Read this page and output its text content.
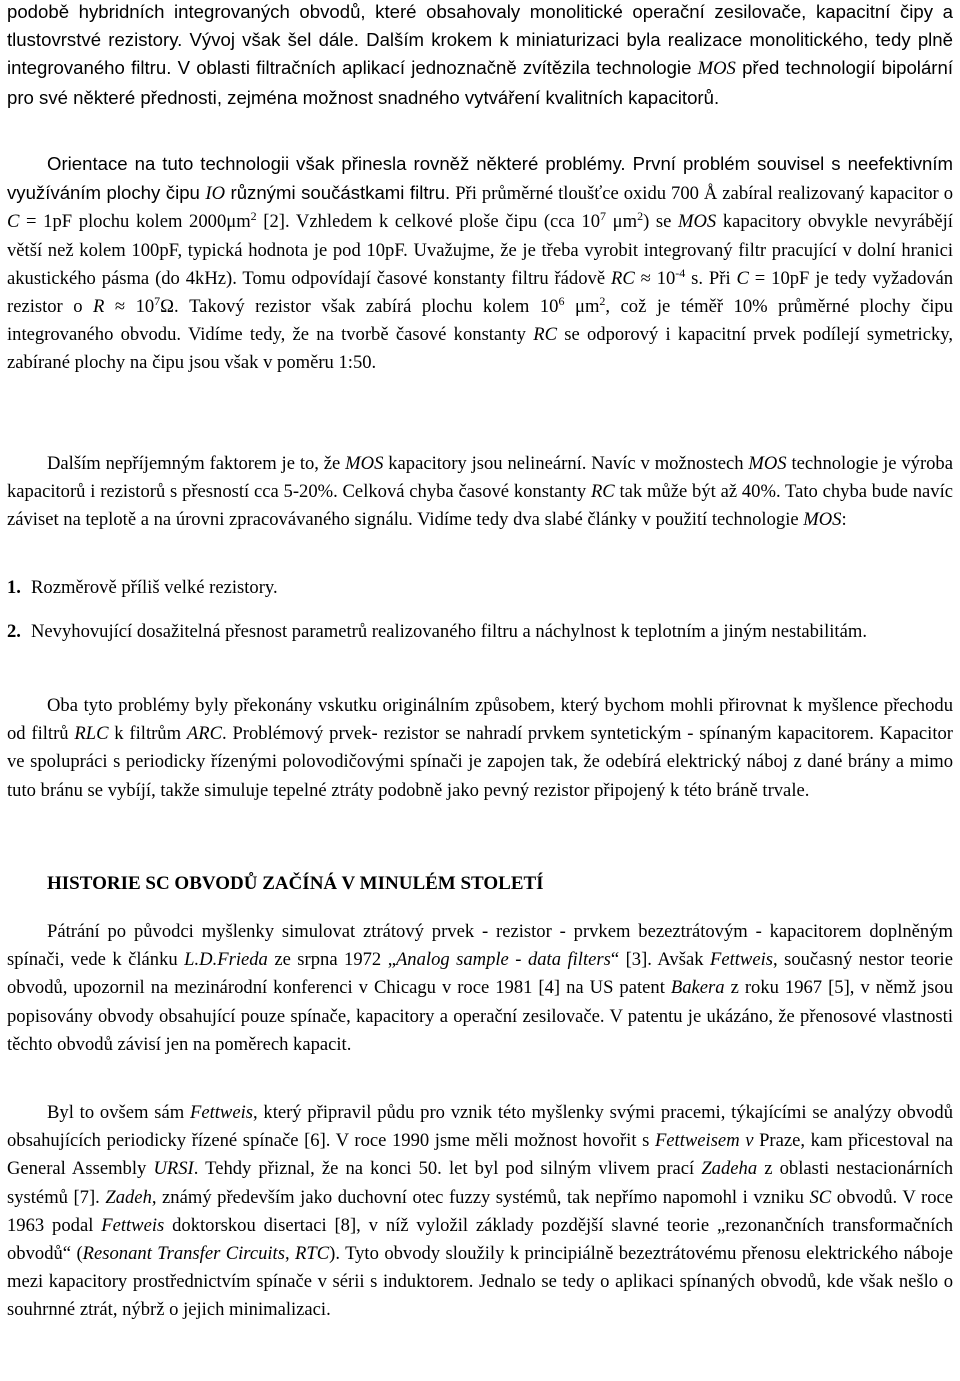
podobě hybridních integrovaných obvodů, které obsahovaly monolitické operační zesilovače, kapacitní čipy a tlustovrstvé rezistory. Vývoj však šel dále. Dalším krokem k miniaturizaci byla realizace monolitického, tedy plně integrovaného filtru. V oblasti filtračních aplikací jednoznačně zvítězila technologie MOS před technologií bipolární pro své některé přednosti, zejména možnost snadného vytváření kvalitních kapacitorů.

Orientace na tuto technologii však přinesla rovněž některé problémy. První problém souvisel s neefektivním využíváním plochy čipu IO různými součástkami filtru. Při průměrné tloušťce oxidu 700 Å zabíral realizovaný kapacitor o C = 1pF plochu kolem $2000\mu m^2$ [2]. Vzhledem k celkové ploše čipu (cca $10^7$ $\mu m^2$) se MOS kapacitory obvykle nevyrábějí větší než kolem 100pF, typická hodnota je pod 10pF. Uvažujme, že je třeba vyrobit integrovaný filtr pracující v dolní hranici akustického pásma (do 4kHz). Tomu odpovídají časové konstanty filtru řádově RC ≈ $10^{-4}$ s. Při C = 10pF je tedy vyžadován rezistor o $R \approx 10^7\Omega$. Takový rezistor však zabírá plochu kolem $10^6$ $\mu m^2$, což je téměř 10% průměrné plochy čipu integrovaného obvodu. Vidíme tedy, že na tvorbě časové konstanty RC se odporový i kapacitní prvek podílejí symetricky, zabírané plochy na čipu jsou však v poměru 1:50.

Dalším nepříjemným faktorem je to, že MOS kapacitory jsou nelineární. Navíc v možnostech MOS technologie je výroba kapacitorů i rezistorů s přesností cca 5-20%. Celková chyba časové konstanty RC tak může být až 40%. Tato chyba bude navíc záviset na teplotě a na úrovni zpracovávaného signálu. Vidíme tedy dva slabé články v použití technologie MOS:

1. Rozměrově příliš velké rezistory.

2. Nevyhovující dosažitelná přesnost parametrů realizovaného filtru a náchylnost k teplotním a jiným nestabilitám.

Oba tyto problémy byly překonány vskutku originálním způsobem, který bychom mohli přirovnat k myšlence přechodu od filtrů RLC k filtrům ARC. Problémový prvek- rezistor se nahradí prvkem syntetickým - spínaným kapacitorem. Kapacitor ve spolupráci s periodicky řízenými polovodičovými spínači je zapojen tak, že odebírá elektrický náboj z dané brány a mimo tuto bránu se vybíjí, takže simuluje tepelné ztráty podobně jako pevný rezistor připojený k této bráně trvale.

HISTORIE SC OBVODŮ ZAČÍNÁ V MINULÉM STOLETÍ

Pátrání po původci myšlenky simulovat ztrátový prvek - rezistor - prvkem bezeztrátovým - kapacitorem doplněným spínači, vede k článku L.D.Frieda ze srpna 1972 „Analog sample - data filters“ [3]. Avšak Fettweis, současný nestor teorie obvodů, upozornil na mezinárodní konferenci v Chicagu v roce 1981 [4] na US patent Bakera z roku 1967 [5], v němž jsou popisovány obvody obsahující pouze spínače, kapacitory a operační zesilovače. V patentu je ukázáno, že přenosové vlastnosti těchto obvodů závisí jen na poměrech kapacit.

Byl to ovšem sám Fettweis, který připravil půdu pro vznik této myšlenky svými pracemi, týkajícími se analýzy obvodů obsahujících periodicky řízené spínače [6]. V roce 1990 jsme měli možnost hovořit s Fettweisem v Praze, kam přicestoval na General Assembly URSI. Tehdy přiznal, že na konci 50. let byl pod silným vlivem prací Zadeha z oblasti nestacionárních systémů [7]. Zadeh, známý především jako duchovní otec fuzzy systémů, tak nepřímo napomohl i vzniku SC obvodů. V roce 1963 podal Fettweis doktorskou disertaci [8], v níž vyložil základy pozdější slavné teorie „rezonančních transformačních obvodů“ (Resonant Transfer Circuits, RTC). Tyto obvody sloužily k principiálně bezeztrátovému přenosu elektrického náboje mezi kapacitory prostřednictvím spínače v sérii s induktorem. Jednalo se tedy o aplikaci spínaných obvodů, kde však nešlo o souhrnné ztrát, nýbrž o jejich minimalizaci.
